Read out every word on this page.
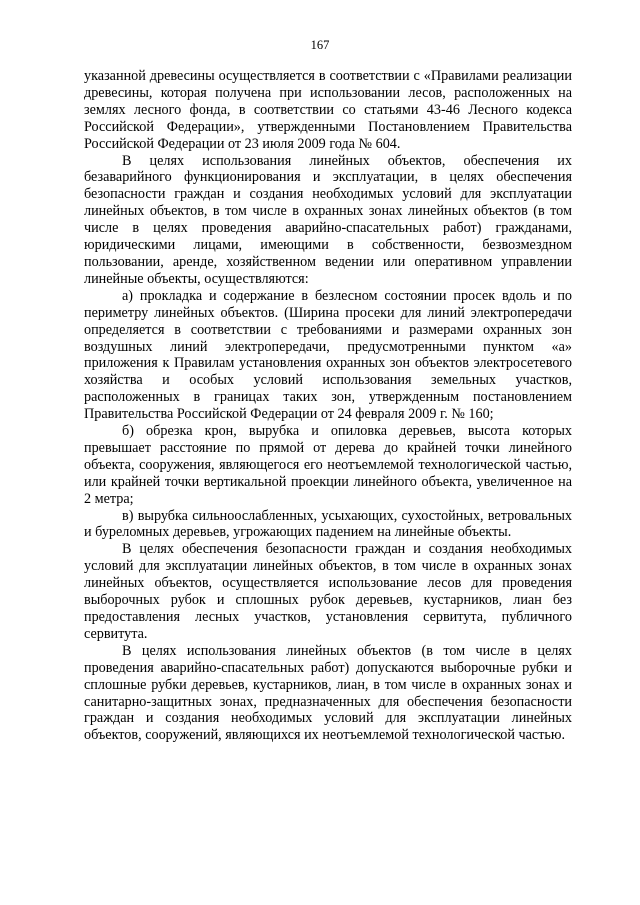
167

указанной древесины осуществляется в соответствии с «Правилами реализации древесины, которая получена при использовании лесов, расположенных на землях лесного фонда, в соответствии со статьями 43-46 Лесного кодекса Российской Федерации», утвержденными Постановлением Правительства Российской Федерации от 23 июля 2009 года № 604.

В целях использования линейных объектов, обеспечения их безаварийного функционирования и эксплуатации, в целях обеспечения безопасности граждан и создания необходимых условий для эксплуатации линейных объектов, в том числе в охранных зонах линейных объектов (в том числе в целях проведения аварийно-спасательных работ) гражданами, юридическими лицами, имеющими в собственности, безвозмездном пользовании, аренде, хозяйственном ведении или оперативном управлении линейные объекты, осуществляются:

а) прокладка и содержание в безлесном состоянии просек вдоль и по периметру линейных объектов. (Ширина просеки для линий электропередачи определяется в соответствии с требованиями и размерами охранных зон воздушных линий электропередачи, предусмотренными пунктом «а» приложения к Правилам установления охранных зон объектов электросетевого хозяйства и особых условий использования земельных участков, расположенных в границах таких зон, утвержденным постановлением Правительства Российской Федерации от 24 февраля 2009 г. № 160;

б) обрезка крон, вырубка и опиловка деревьев, высота которых превышает расстояние по прямой от дерева до крайней точки линейного объекта, сооружения, являющегося его неотъемлемой технологической частью, или крайней точки вертикальной проекции линейного объекта, увеличенное на 2 метра;

в) вырубка сильноослабленных, усыхающих, сухостойных, ветровальных и буреломных деревьев, угрожающих падением на линейные объекты.

В целях обеспечения безопасности граждан и создания необходимых условий для эксплуатации линейных объектов, в том числе в охранных зонах линейных объектов, осуществляется использование лесов для проведения выборочных рубок и сплошных рубок деревьев, кустарников, лиан без предоставления лесных участков, установления сервитута, публичного сервитута.

В целях использования линейных объектов (в том числе в целях проведения аварийно-спасательных работ) допускаются выборочные рубки и сплошные рубки деревьев, кустарников, лиан, в том числе в охранных зонах и санитарно-защитных зонах, предназначенных для обеспечения безопасности граждан и создания необходимых условий для эксплуатации линейных объектов, сооружений, являющихся их неотъемлемой технологической частью.
